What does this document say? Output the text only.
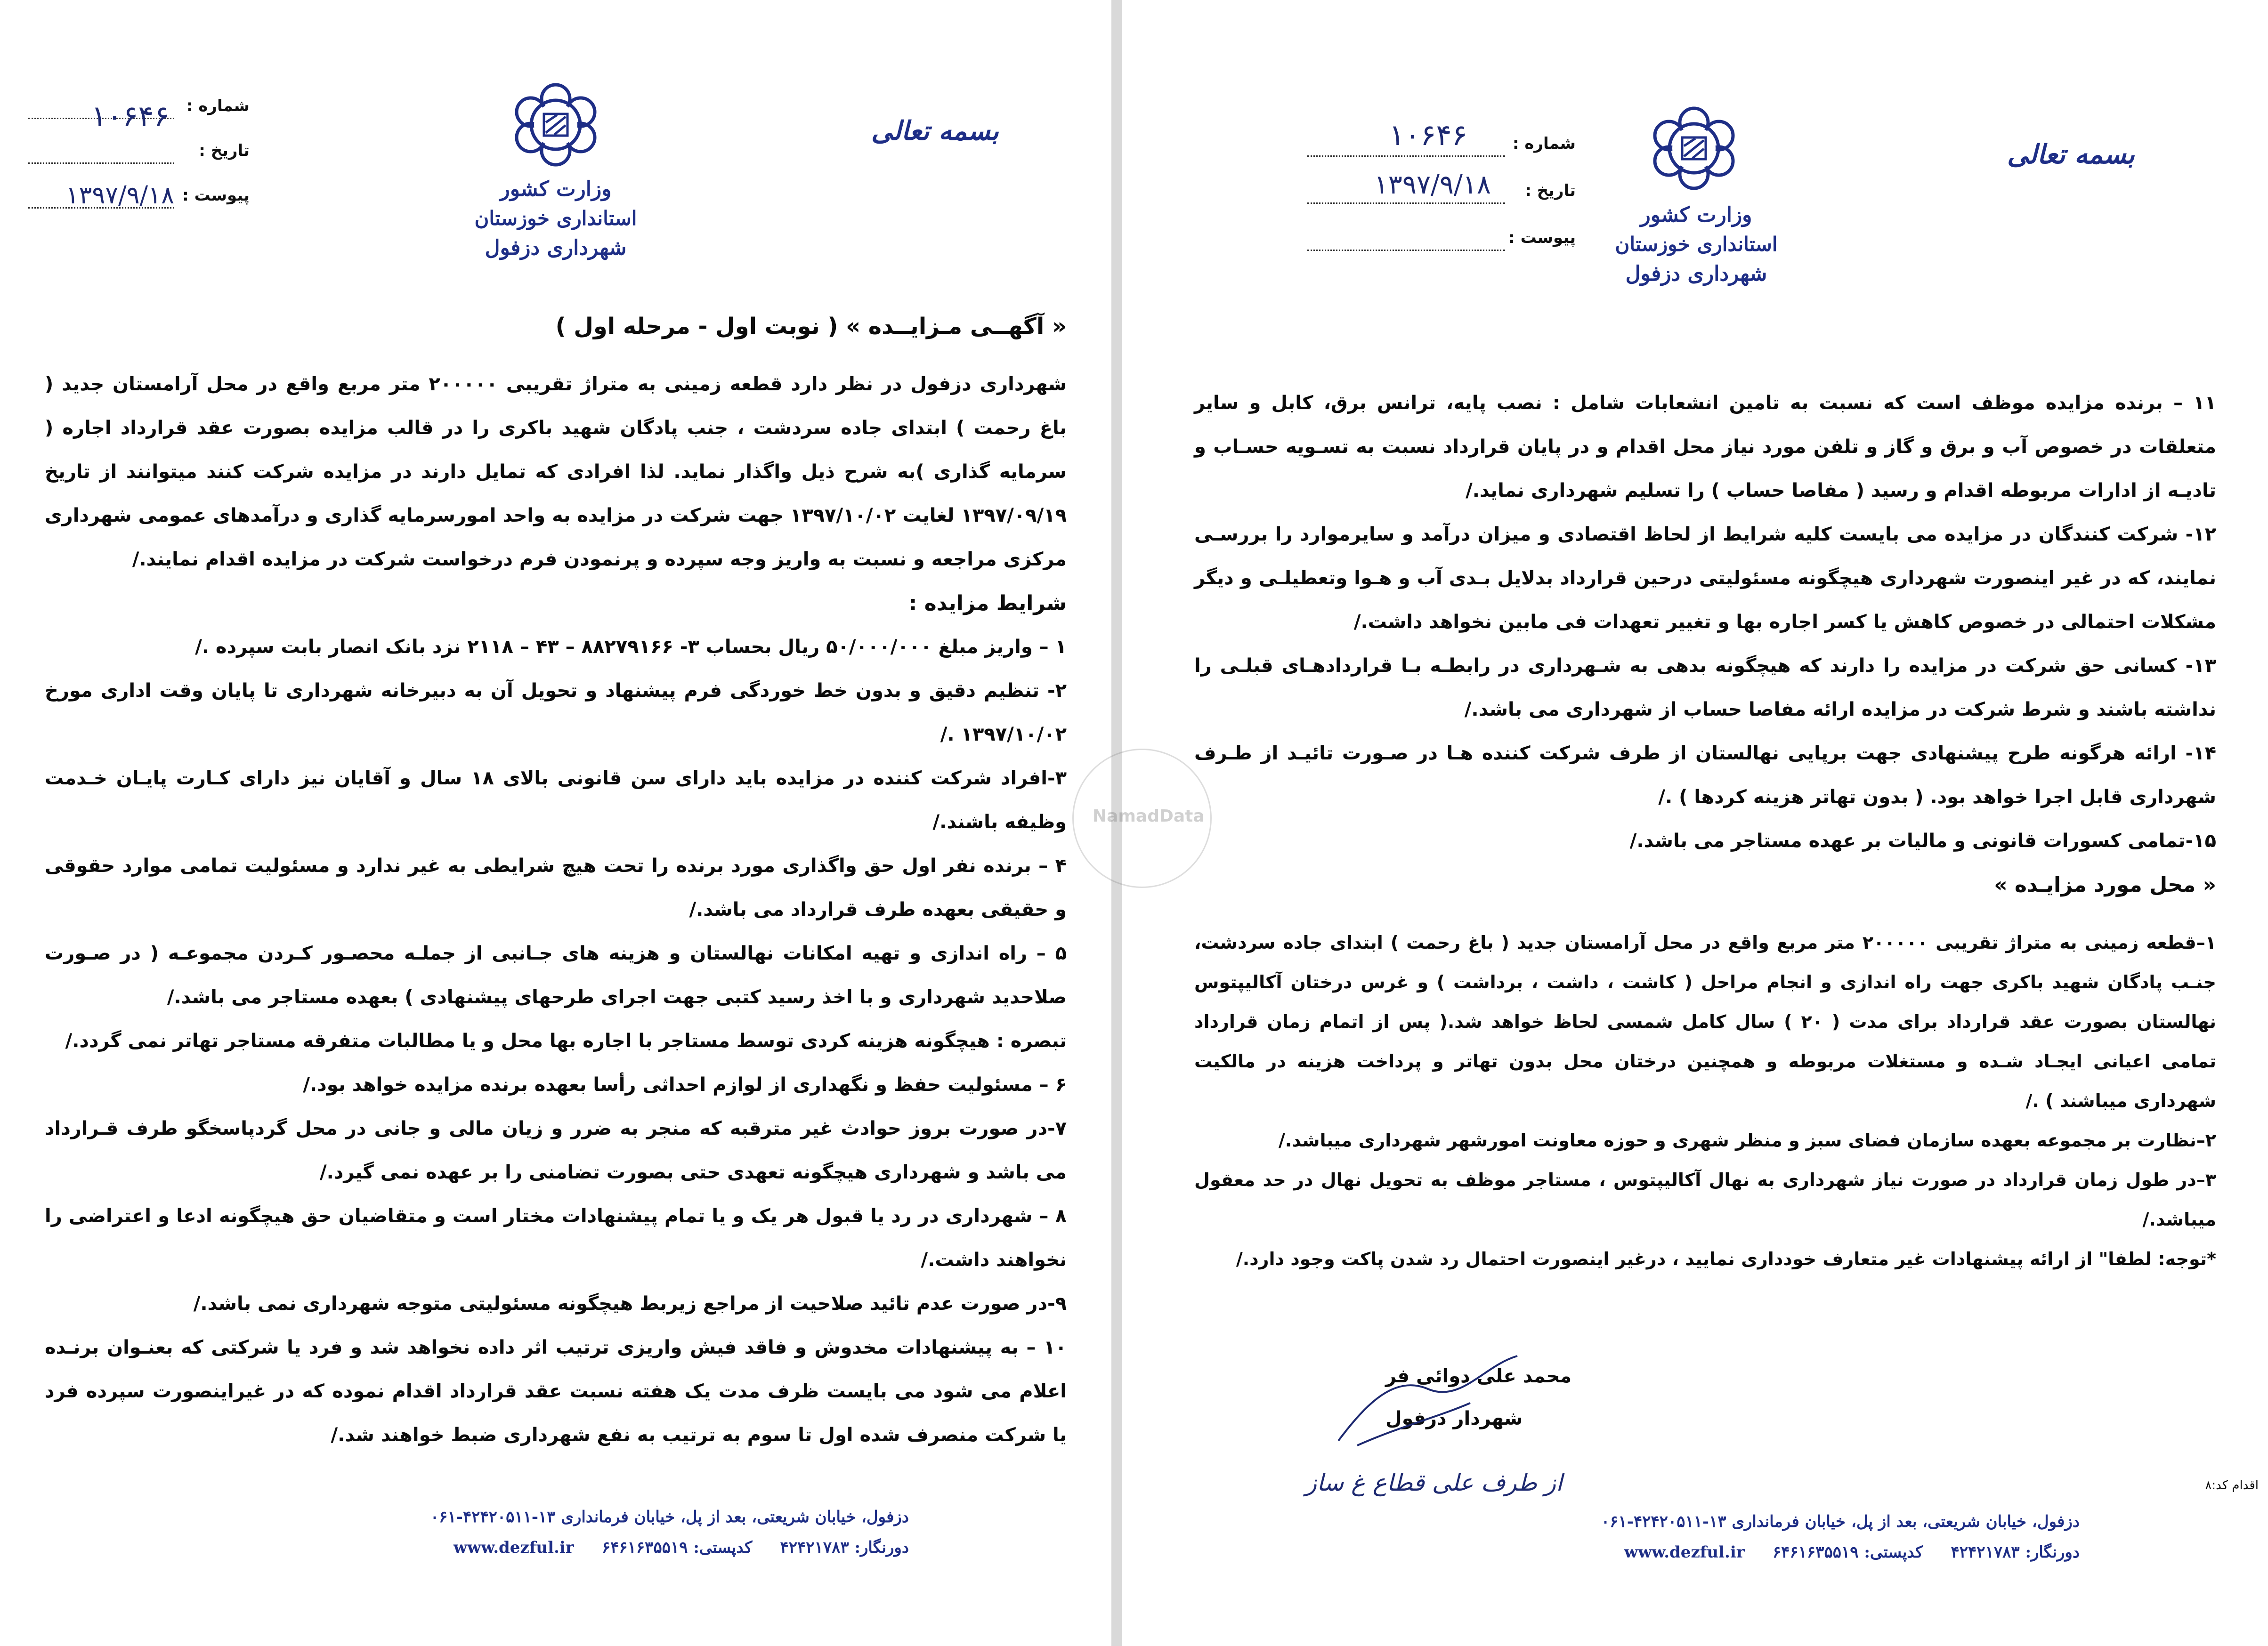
شماره :
۱۰۶۴۶
تاریخ :
پیوست :
۱۳۹۷/۹/۱۸	وزارت کشور
استانداری خوزستان
شهرداری دزفول
بسمه تعالی
« آگهــی مـزایــده » ( نوبت اول - مرحله اول )

شهرداری دزفول در نظر دارد قطعه زمینی به متراژ تقریبی ۲۰۰۰۰۰ متر مربع واقع در محل آرامستان جدید ( باغ رحمت ) ابتدای جاده سردشت ، جنب پادگان شهید باکری را در قالب مزایده بصورت عقد قرارداد اجاره ( سرمایه گذاری )به شرح ذیل واگذار نماید. لذا افرادی که تمایل دارند در مزایده شرکت کنند میتوانند از تاریخ ۱۳۹۷/۰۹/۱۹ لغایت ۱۳۹۷/۱۰/۰۲ جهت شرکت در مزایده به واحد امورسرمایه گذاری و درآمدهای عمومی شهرداری مرکزی مراجعه و نسبت به واریز وجه سپرده و پرنمودن فرم درخواست شرکت در مزایده اقدام نمایند./

شرایط مزایده :

۱ – واریز مبلغ ۵۰/۰۰۰/۰۰۰ ریال بحساب ۳- ۸۸۲۷۹۱۶۶ – ۴۳ – ۲۱۱۸ نزد بانک انصار بابت سپرده ./

۲- تنظیم دقیق و بدون خط خوردگی فرم پیشنهاد و تحویل آن به دبیرخانه شهرداری تا پایان وقت اداری مورخ ۱۳۹۷/۱۰/۰۲ ./

۳-افراد شرکت کننده در مزایده باید دارای سن قانونی بالای ۱۸ سال و آقایان نیز دارای کـارت پایـان خـدمت وظیفه باشند./

۴ – برنده نفر اول حق واگذاری مورد برنده را تحت هیچ شرایطی به غیر ندارد و مسئولیت تمامی موارد حقوقی و حقیقی بعهده طرف قرارداد می باشد./

۵ – راه اندازی و تهیه امکانات نهالستان و هزینه های جـانبی از جملـه محصـور کـردن مجموعـه ( در صـورت صلاحدید شهرداری و با اخذ رسید کتبی جهت اجرای طرحهای پیشنهادی ) بعهده مستاجر می باشد./

تبصره : هیچگونه هزینه کردی توسط مستاجر با اجاره بها محل و یا مطالبات متفرقه مستاجر تهاتر نمی گردد./

۶ – مسئولیت حفظ و نگهداری از لوازم احداثی رأسا بعهده برنده مزایده خواهد بود./

۷-در صورت بروز حوادث غیر مترقبه که منجر به ضرر و زیان مالی و جانی در محل گردپاسخگو طرف قـرارداد می باشد و شهرداری هیچگونه تعهدی حتی بصورت تضامنی را بر عهده نمی گیرد./

۸ – شهرداری در رد یا قبول هر یک و یا تمام پیشنهادات مختار است و متقاضیان حق هیچگونه ادعا و اعتراضی را نخواهند داشت./

۹-در صورت عدم تائید صلاحیت از مراجع زیربط هیچگونه مسئولیتی متوجه شهرداری نمی باشد./

۱۰ – به پیشنهادات مخدوش و فاقد فیش واریزی ترتیب اثر داده نخواهد شد و فرد یا شرکتی که بعنـوان برنـده اعلام می شود می بایست ظرف مدت یک هفته نسبت عقد قرارداد اقدام نموده که در غیراینصورت سپرده فرد یا شرکت منصرف شده اول تا سوم به ترتیب به نفع شهرداری ضبط خواهند شد./

دزفول، خیابان شریعتی، بعد از پل، خیابان فرمانداری ۱۳-۴۲۴۲۰۵۱۱-۰۶۱
دورنگار: ۴۲۴۲۱۷۸۳     کدپستی: ۶۴۶۱۶۳۵۵۱۹     www.dezful.ir
شماره :
۱۰۶۴۶
تاریخ :
۱۳۹۷/۹/۱۸
پیوست :
وزارت کشور
استانداری خوزستان
شهرداری دزفول
بسمه تعالی

۱۱ – برنده مزایده موظف است که نسبت به تامین انشعابات شامل : نصب پایه، ترانس برق، کابل و سایر متعلقات در خصوص آب و برق و گاز و تلفن مورد نیاز محل اقدام و در پایان قرارداد نسبت به تسـویه حسـاب و تادیـه از ادارات مربوطه اقدام و رسید ( مفاصا حساب ) را تسلیم شهرداری نماید./

۱۲- شرکت کنندگان در مزایده می بایست کلیه شرایط از لحاظ اقتصادی و میزان درآمد و سایرموارد را بررسـی نمایند، که در غیر اینصورت شهرداری هیچگونه مسئولیتی درحین قرارداد بدلایل بـدی آب و هـوا وتعطیلـی و دیگر مشکلات احتمالی در خصوص کاهش یا کسر اجاره بها و تغییر تعهدات فی مابین نخواهد داشت./

۱۳- کسانی حق شرکت در مزایده را دارند که هیچگونه بدهی به شـهرداری در رابطـه بـا قراردادهـای قبلـی را نداشته باشند و شرط شرکت در مزایده ارائه مفاصا حساب از شهرداری می باشد./

۱۴- ارائه هرگونه طرح پیشنهادی جهت برپایی نهالستان از طرف شرکت کننده هـا در صـورت تائیـد از طـرف شهرداری قابل اجرا خواهد بود. ( بدون تهاتر هزینه کردها ) ./

۱۵-تمامی کسورات قانونی و مالیات بر عهده مستاجر می باشد./

« محل مورد مزایـده »

۱–قطعه زمینی به متراژ تقریبی ۲۰۰۰۰۰ متر مربع واقع در محل آرامستان جدید ( باغ رحمت ) ابتدای جاده سردشت، جنـب پادگان شهید باکری جهت راه اندازی و انجام مراحل ( کاشت ، داشت ، برداشت ) و غرس درختان آکالیپتوس نهالستان بصورت عقد قرارداد برای مدت ( ۲۰ ) سال کامل شمسی لحاظ خواهد شد.( پس از اتمام زمان قرارداد تمامی اعیانی ایجـاد شـده و مستغلات مربوطه و همچنین درختان محل بدون تهاتر و پرداخت هزینه در مالکیت شهرداری میباشند ) ./

۲–نظارت بر مجموعه بعهده سازمان فضای سبز و منظر شهری و حوزه معاونت امورشهر شهرداری میباشد./

۳–در طول زمان قرارداد در صورت نیاز شهرداری به نهال آکالیپتوس ، مستاجر موظف به تحویل نهال در حد معقول میباشد./

*توجه: لطفا" از ارائه پیشنهادات غیر متعارف خودداری نمایید ، درغیر اینصورت احتمال رد شدن پاکت وجود دارد./

محمد علی دوائی فر
شهردار دزفول
از طرف علی قطاع غ ساز
NamadData
اقدام کد:۸
دزفول، خیابان شریعتی، بعد از پل، خیابان فرمانداری ۱۳-۴۲۴۲۰۵۱۱-۰۶۱
دورنگار: ۴۲۴۲۱۷۸۳     کدپستی: ۶۴۶۱۶۳۵۵۱۹     www.dezful.ir
